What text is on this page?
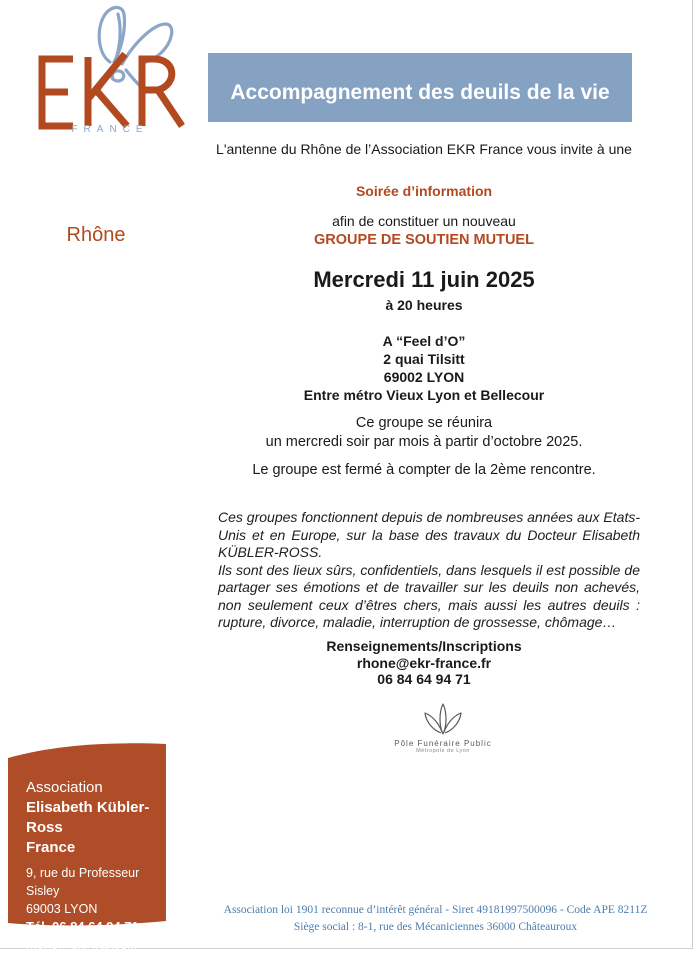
FRANCE
Rhône
Accompagnement des deuils de la vie
L'antenne du Rhône de l’Association EKR France vous invite à une
Soirée d’information
afin de constituer un nouveau
GROUPE DE SOUTIEN MUTUEL
Mercredi 11 juin 2025
à 20 heures
A “Feel d’O”
2 quai Tilsitt
69002 LYON
Entre métro Vieux Lyon et Bellecour
Ce groupe se réunira
un mercredi soir par mois à partir d’octobre 2025.
Le groupe est fermé à compter de la 2ème rencontre.

Ces groupes fonctionnent depuis de nombreuses années aux Etats-Unis et en Europe, sur la base des travaux du Docteur Elisabeth KÜBLER-ROSS.

Ils sont des lieux sûrs, confidentiels, dans lesquels il est possible de partager ses émotions et de travailler sur les deuils non achevés, non seulement ceux d’êtres chers, mais aussi les autres deuils : rupture, divorce, maladie, interruption de grossesse, chômage…

Renseignements/Inscriptions
rhone@ekr-france.fr
06 84 64 94 71
Pôle Funéraire Public
Métropole de Lyon
Association
Elisabeth Kübler-Ross
France
9, rue du Professeur Sisley
69003 LYON
Tél. 06 84 64 94 71
rhone@ekr-france.fr
www.ekr-france.fr
Association loi 1901 reconnue d’intérêt général - Siret 49181997500096 - Code APE 8211Z
Siège social : 8-1, rue des Mécaniciennes 36000 Châteauroux
